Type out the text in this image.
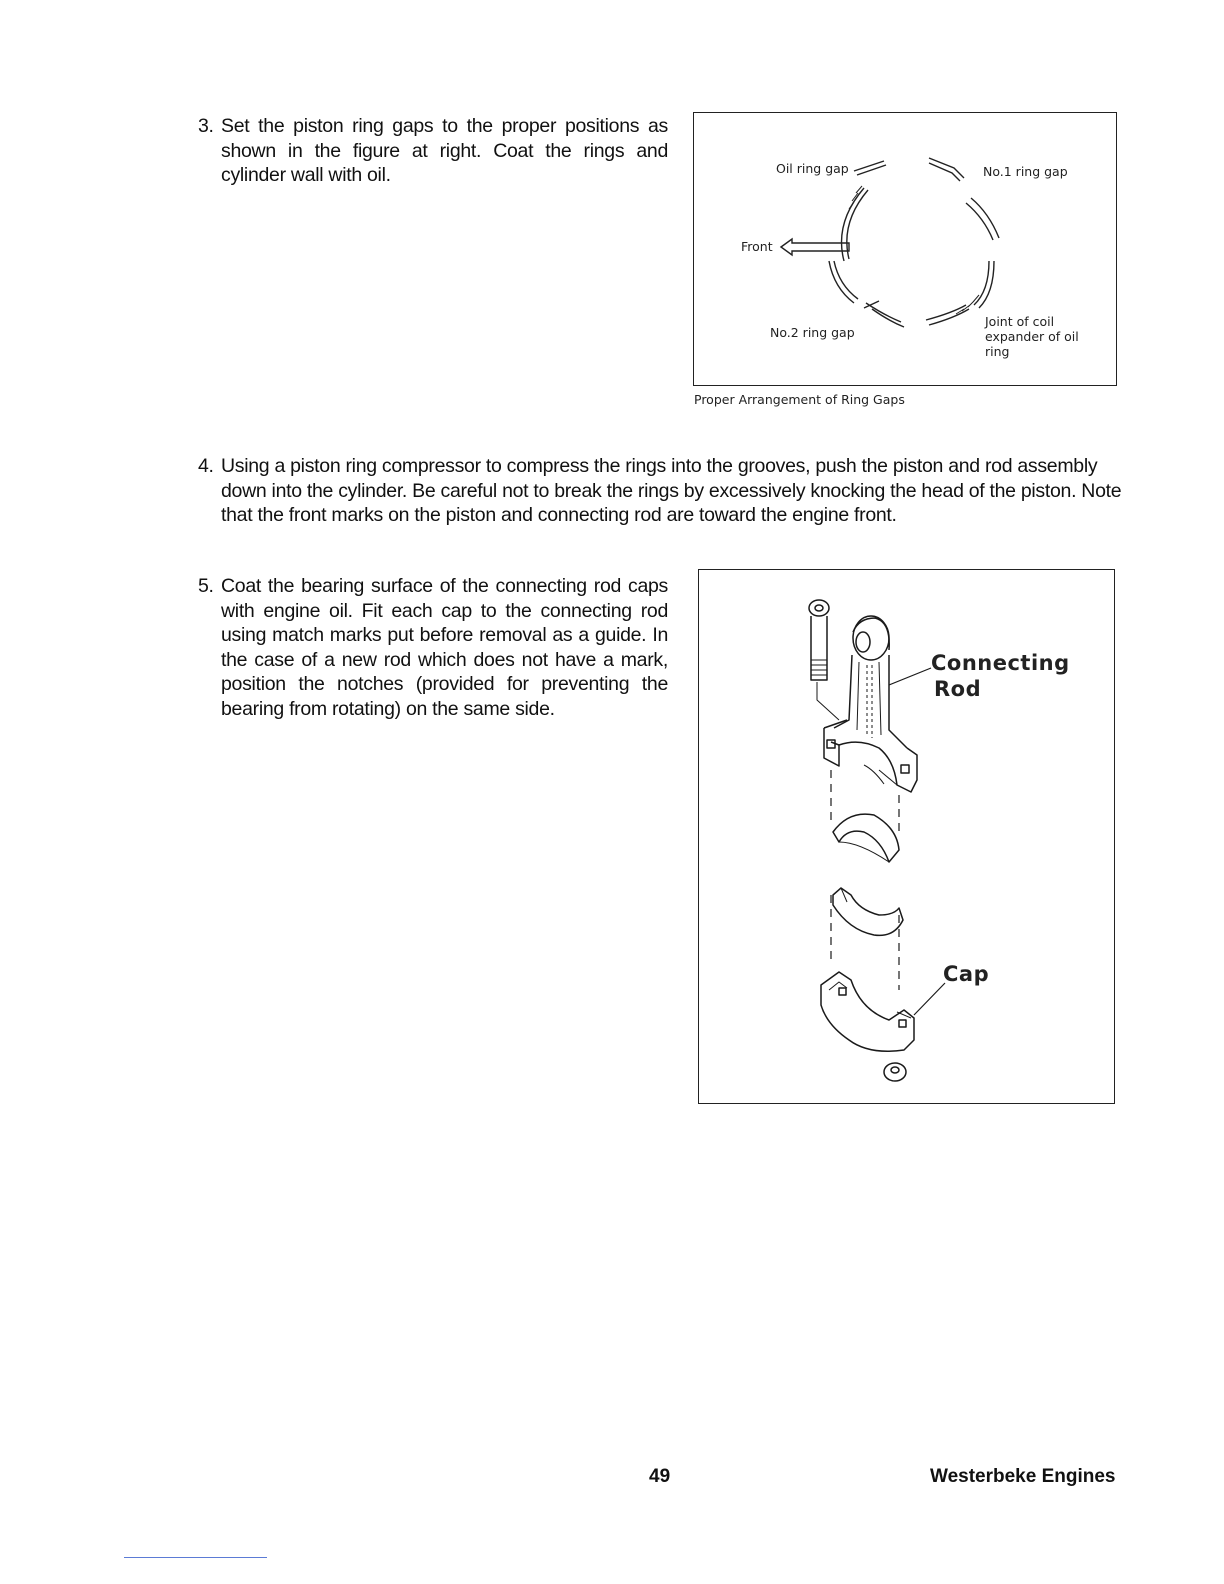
3. Set the piston ring gaps to the proper positions as shown in the figure at right. Coat the rings and cylinder wall with oil.	Oil ring gap	No.1 ring gap
Front
No.2 ring gap
Joint of coil
expander of oil
ring
Proper Arrangement of Ring Gaps
4. Using a piston ring compressor to compress the rings into the grooves, push the piston and rod assembly down into the cylinder. Be careful not to break the rings by excessively knocking the head of the piston. Note that the front marks on the piston and connecting rod are toward the engine front.
5. Coat the bearing surface of the connecting rod caps with engine oil. Fit each cap to the connecting rod using match marks put before removal as a guide. In the case of a new rod which does not have a mark, position the notches (provided for preventing the bearing from rotating) on the same side.
Connecting
Rod
Cap
49	Westerbeke Engines
